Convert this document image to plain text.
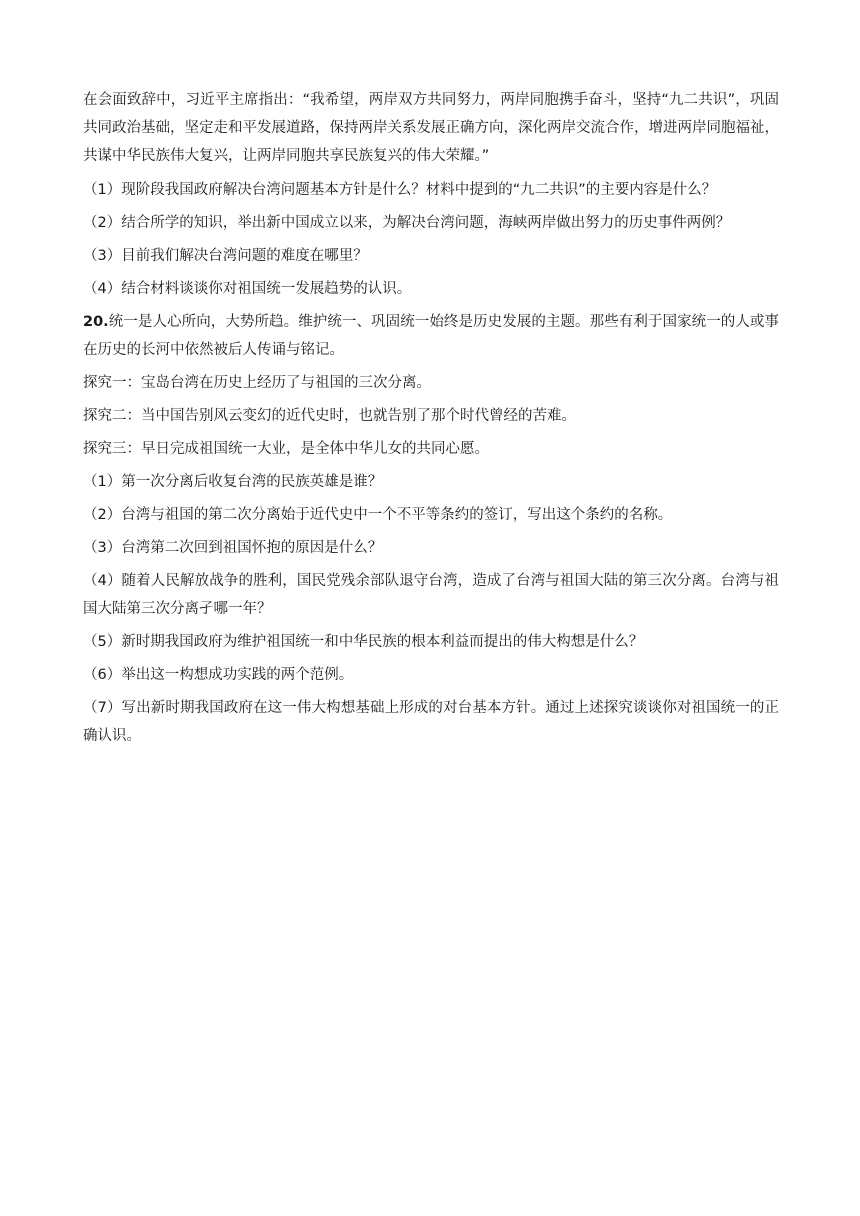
在会面致辞中，习近平主席指出：“我希望，两岸双方共同努力，两岸同胞携手奋斗，坚持“九二共识”，巩固共同政治基础，坚定走和平发展道路，保持两岸关系发展正确方向，深化两岸交流合作，增进两岸同胞福祉，共谋中华民族伟大复兴，让两岸同胞共享民族复兴的伟大荣耀。”

（1）现阶段我国政府解决台湾问题基本方针是什么？材料中提到的“九二共识”的主要内容是什么？

（2）结合所学的知识，举出新中国成立以来，为解决台湾问题，海峡两岸做出努力的历史事件两例？

（3）目前我们解决台湾问题的难度在哪里？

（4）结合材料谈谈你对祖国统一发展趋势的认识。

20.统一是人心所向，大势所趋。维护统一、巩固统一始终是历史发展的主题。那些有利于国家统一的人或事在历史的长河中依然被后人传诵与铭记。

探究一：宝岛台湾在历史上经历了与祖国的三次分离。

探究二：当中国告别风云变幻的近代史时，也就告别了那个时代曾经的苦难。

探究三：早日完成祖国统一大业，是全体中华儿女的共同心愿。

（1）第一次分离后收复台湾的民族英雄是谁？

（2）台湾与祖国的第二次分离始于近代史中一个不平等条约的签订，写出这个条约的名称。

（3）台湾第二次回到祖国怀抱的原因是什么？

（4）随着人民解放战争的胜利，国民党残余部队退守台湾，造成了台湾与祖国大陆的第三次分离。台湾与祖国大陆第三次分离孑哪一年？

（5）新时期我国政府为维护祖国统一和中华民族的根本利益而提出的伟大构想是什么？

（6）举出这一构想成功实践的两个范例。

（7）写出新时期我国政府在这一伟大构想基础上形成的对台基本方针。通过上述探究谈谈你对祖国统一的正确认识。
